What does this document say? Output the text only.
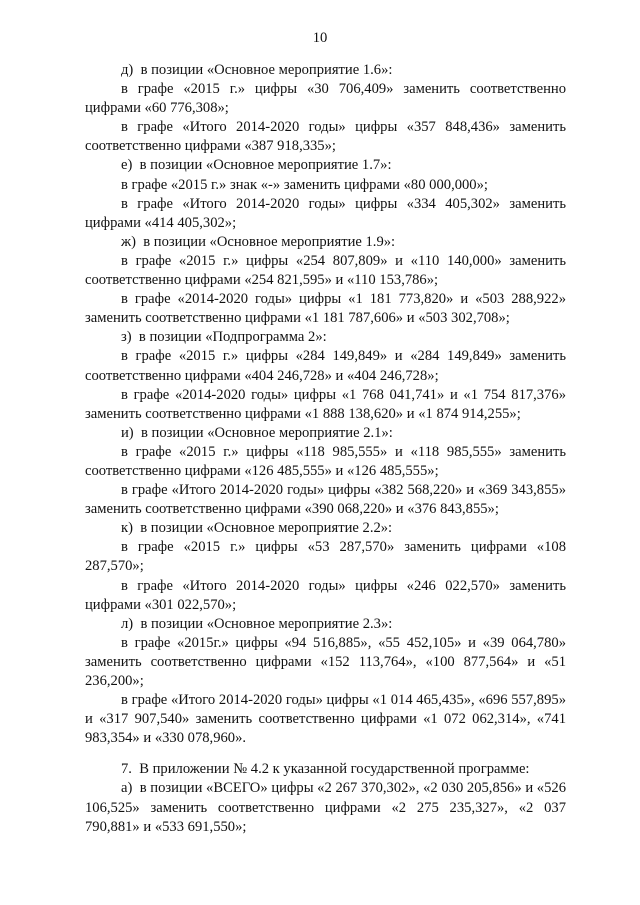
10

д)  в позиции «Основное мероприятие 1.6»:

в графе «2015 г.» цифры «30 706,409» заменить соответственно цифрами «60 776,308»;

в графе «Итого 2014-2020 годы» цифры «357 848,436» заменить соответственно цифрами «387 918,335»;

е)  в позиции «Основное мероприятие 1.7»:

в графе «2015 г.» знак «-» заменить цифрами «80 000,000»;

в графе «Итого 2014-2020 годы» цифры «334 405,302» заменить цифрами «414 405,302»;

ж)  в позиции «Основное мероприятие 1.9»:

в графе «2015 г.» цифры «254 807,809» и «110 140,000» заменить соответственно цифрами «254 821,595» и «110 153,786»;

в графе «2014-2020 годы» цифры «1 181 773,820» и «503 288,922» заменить соответственно цифрами «1 181 787,606» и «503 302,708»;

з)  в позиции «Подпрограмма 2»:

в графе «2015 г.» цифры «284 149,849» и «284 149,849» заменить соответственно цифрами «404 246,728» и «404 246,728»;

в графе «2014-2020 годы» цифры «1 768 041,741» и «1 754 817,376» заменить соответственно цифрами «1 888 138,620» и «1 874 914,255»;

и)  в позиции «Основное мероприятие 2.1»:

в графе «2015 г.» цифры «118 985,555» и «118 985,555» заменить соответственно цифрами «126 485,555» и «126 485,555»;

в графе «Итого 2014-2020 годы» цифры «382 568,220» и «369 343,855» заменить соответственно цифрами «390 068,220» и «376 843,855»;

к)  в позиции «Основное мероприятие 2.2»:

в графе «2015 г.» цифры «53 287,570» заменить цифрами «108 287,570»;

в графе «Итого 2014-2020 годы» цифры «246 022,570» заменить цифрами «301 022,570»;

л)  в позиции «Основное мероприятие 2.3»:

в графе «2015г.» цифры «94 516,885», «55 452,105» и «39 064,780» заменить соответственно цифрами «152 113,764», «100 877,564» и «51 236,200»;

в графе «Итого 2014-2020 годы» цифры «1 014 465,435», «696 557,895» и «317 907,540» заменить соответственно цифрами «1 072 062,314», «741 983,354» и «330 078,960».

7.  В приложении № 4.2 к указанной государственной программе:

а)  в позиции «ВСЕГО» цифры «2 267 370,302», «2 030 205,856» и «526 106,525» заменить соответственно цифрами «2 275 235,327», «2 037 790,881» и «533 691,550»;
